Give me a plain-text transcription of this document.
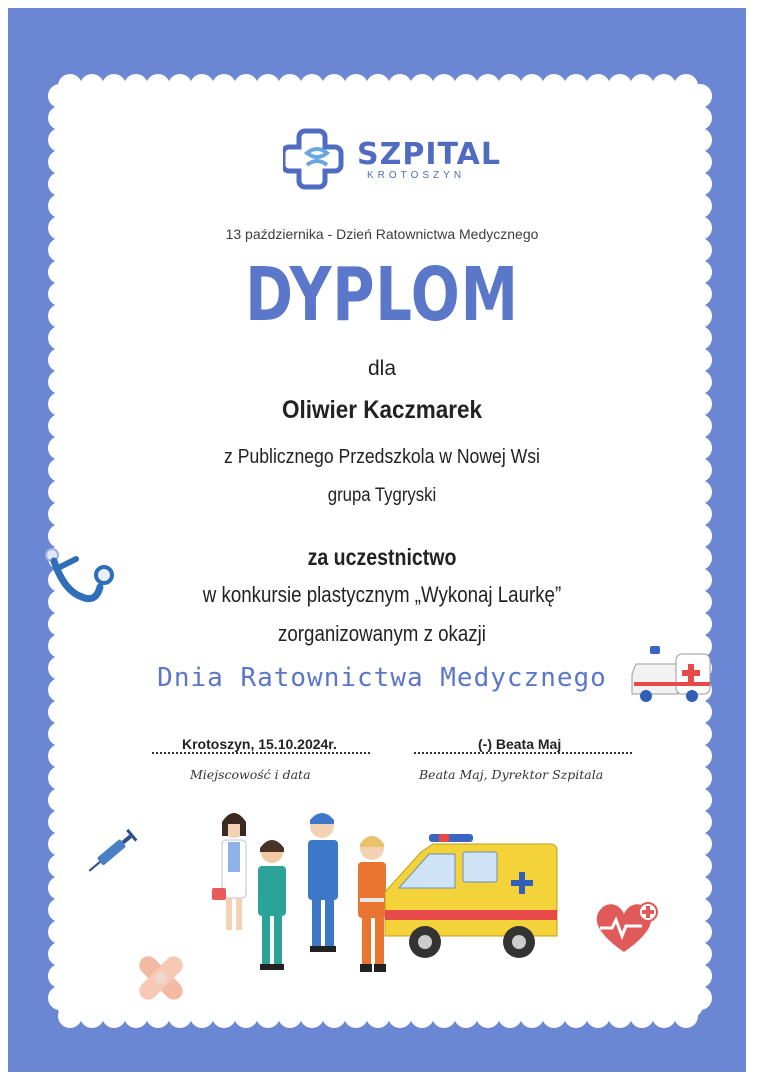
SZPITAL
KROTOSZYN
13 października - Dzień Ratownictwa Medycznego
DYPLOM
dla
Oliwier Kaczmarek
z Publicznego Przedszkola w Nowej Wsi
grupa Tygryski
za uczestnictwo
w konkursie plastycznym „Wykonaj Laurkę”
zorganizowanym z okazji
Dnia Ratownictwa Medycznego
Krotoszyn, 15.10.2024r.
Miejscowość i data
(-) Beata Maj
Beata Maj, Dyrektor Szpitala
